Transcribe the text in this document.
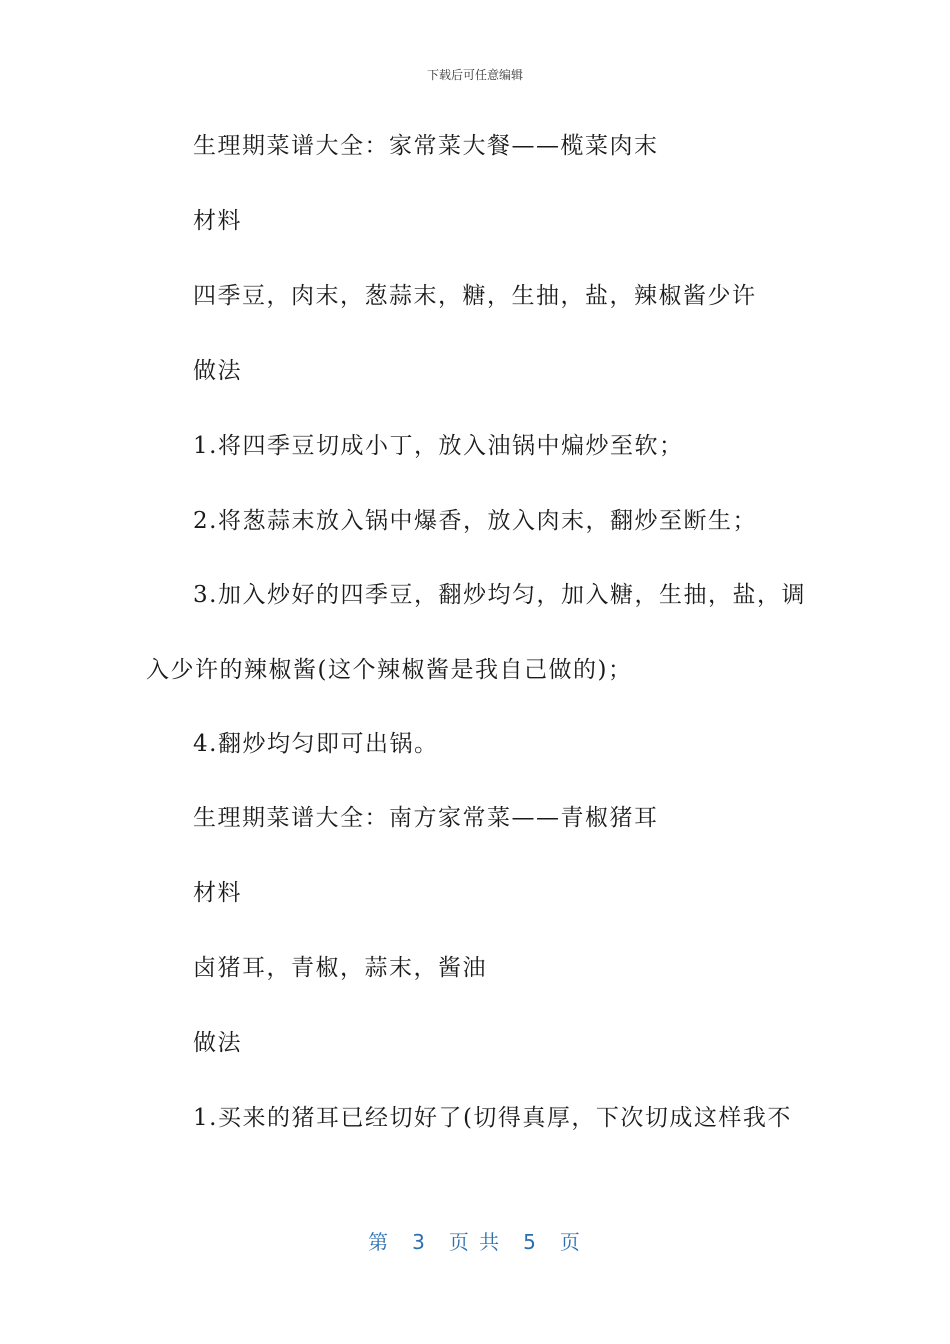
下载后可任意编辑
生理期菜谱大全：家常菜大餐——榄菜肉末
材料
四季豆，肉末，葱蒜末，糖，生抽，盐，辣椒酱少许
做法
1.将四季豆切成小丁，放入油锅中煸炒至软；
2.将葱蒜末放入锅中爆香，放入肉末，翻炒至断生；
3.加入炒好的四季豆，翻炒均匀，加入糖，生抽，盐，调
入少许的辣椒酱(这个辣椒酱是我自己做的)；
4.翻炒均匀即可出锅。
生理期菜谱大全：南方家常菜——青椒猪耳
材料
卤猪耳，青椒，蒜末，酱油
做法
1.买来的猪耳已经切好了(切得真厚，下次切成这样我不
第 3 页 共 5 页
